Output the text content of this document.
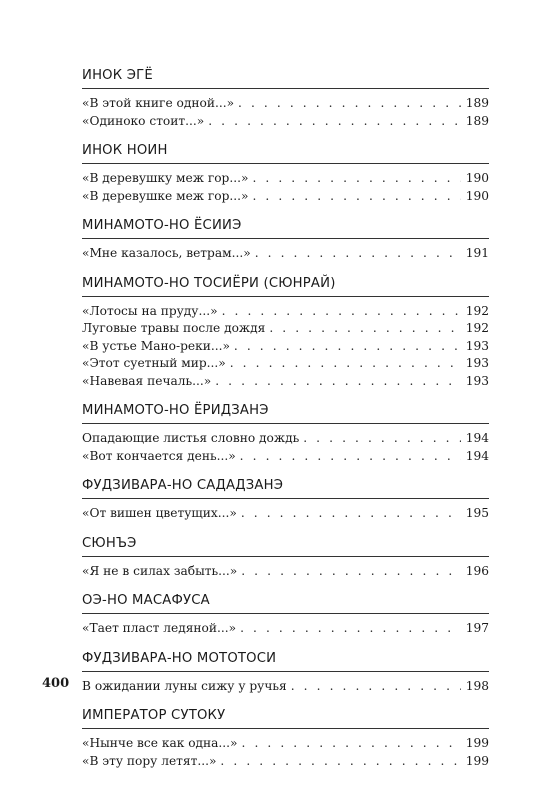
ИНОК ЭГЁ
«В этой книге одной...» . . .	189
«Одиноко стоит...» . . .	189
ИНОК НОИН
«В деревушку меж гор...» . . .	190
«В деревушке меж гор...» . . .	190
МИНАМОТО-НО ЁСИИЭ
«Мне казалось, ветрам...» . . .	191
МИНАМОТО-НО ТОСИЁРИ (СЮНРАЙ)
«Лотосы на пруду...» . . .	192
Луговые травы после дождя . . .	192
«В устье Мано-реки...» . . .	193
«Этот суетный мир...» . . .	193
«Навевая печаль...» . . .	193
МИНАМОТО-НО ЁРИДЗАНЭ
Опадающие листья словно дождь . . .	194
«Вот кончается день...» . . .	194
ФУДЗИВАРА-НО САДАДЗАНЭ
«От вишен цветущих...» . . .	195
СЮНЪЭ
«Я не в силах забыть...» . . .	196
ОЭ-НО МАСАФУСА
«Тает пласт ледяной...» . . .	197
ФУДЗИВАРА-НО МОТОТОСИ
В ожидании луны сижу у ручья . . .	198
ИМПЕРАТОР СУТОКУ
«Нынче все как одна...» . . .	199
«В эту пору летят...» . . .	199
400
